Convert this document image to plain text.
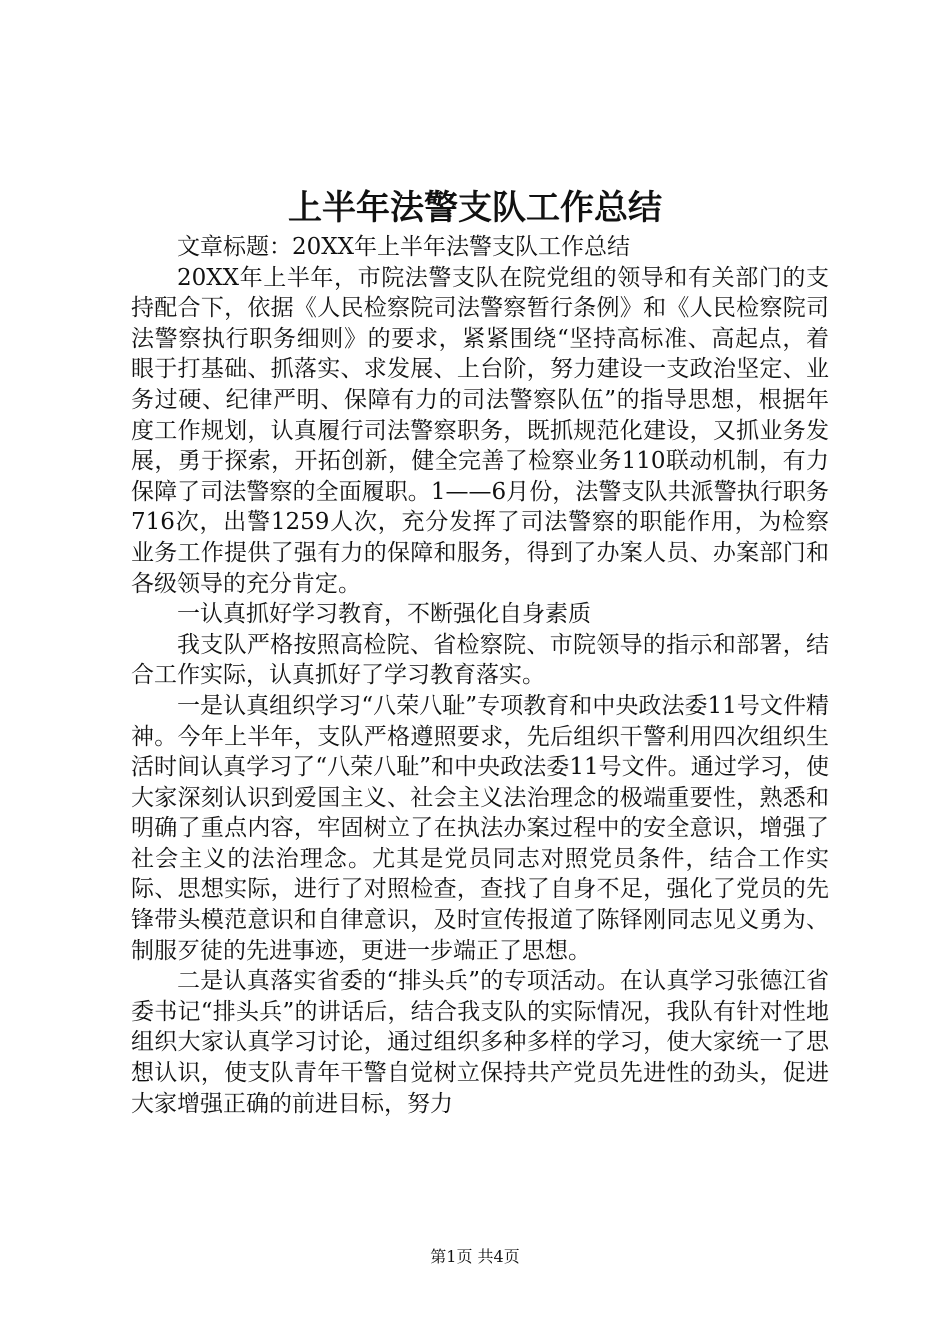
上半年法警支队工作总结

文章标题：20XX年上半年法警支队工作总结

20XX年上半年，市院法警支队在院党组的领导和有关部门的支持配合下，依据《人民检察院司法警察暂行条例》和《人民检察院司法警察执行职务细则》的要求，紧紧围绕“坚持高标准、高起点，着眼于打基础、抓落实、求发展、上台阶，努力建设一支政治坚定、业务过硬、纪律严明、保障有力的司法警察队伍”的指导思想，根据年度工作规划，认真履行司法警察职务，既抓规范化建设，又抓业务发展，勇于探索，开拓创新，健全完善了检察业务110联动机制，有力保障了司法警察的全面履职。1——6月份，法警支队共派警执行职务716次，出警1259人次，充分发挥了司法警察的职能作用，为检察业务工作提供了强有力的保障和服务，得到了办案人员、办案部门和各级领导的充分肯定。

一认真抓好学习教育，不断强化自身素质

我支队严格按照高检院、省检察院、市院领导的指示和部署，结合工作实际，认真抓好了学习教育落实。

一是认真组织学习“八荣八耻”专项教育和中央政法委11号文件精神。今年上半年，支队严格遵照要求，先后组织干警利用四次组织生活时间认真学习了“八荣八耻”和中央政法委11号文件。通过学习，使大家深刻认识到爱国主义、社会主义法治理念的极端重要性，熟悉和明确了重点内容，牢固树立了在执法办案过程中的安全意识，增强了社会主义的法治理念。尤其是党员同志对照党员条件，结合工作实际、思想实际，进行了对照检查，查找了自身不足，强化了党员的先锋带头模范意识和自律意识，及时宣传报道了陈铎刚同志见义勇为、制服歹徒的先进事迹，更进一步端正了思想。

二是认真落实省委的“排头兵”的专项活动。在认真学习张德江省委书记“排头兵”的讲话后，结合我支队的实际情况，我队有针对性地组织大家认真学习讨论，通过组织多种多样的学习，使大家统一了思想认识，使支队青年干警自觉树立保持共产党员先进性的劲头，促进大家增强正确的前进目标，努力

第1页 共4页
